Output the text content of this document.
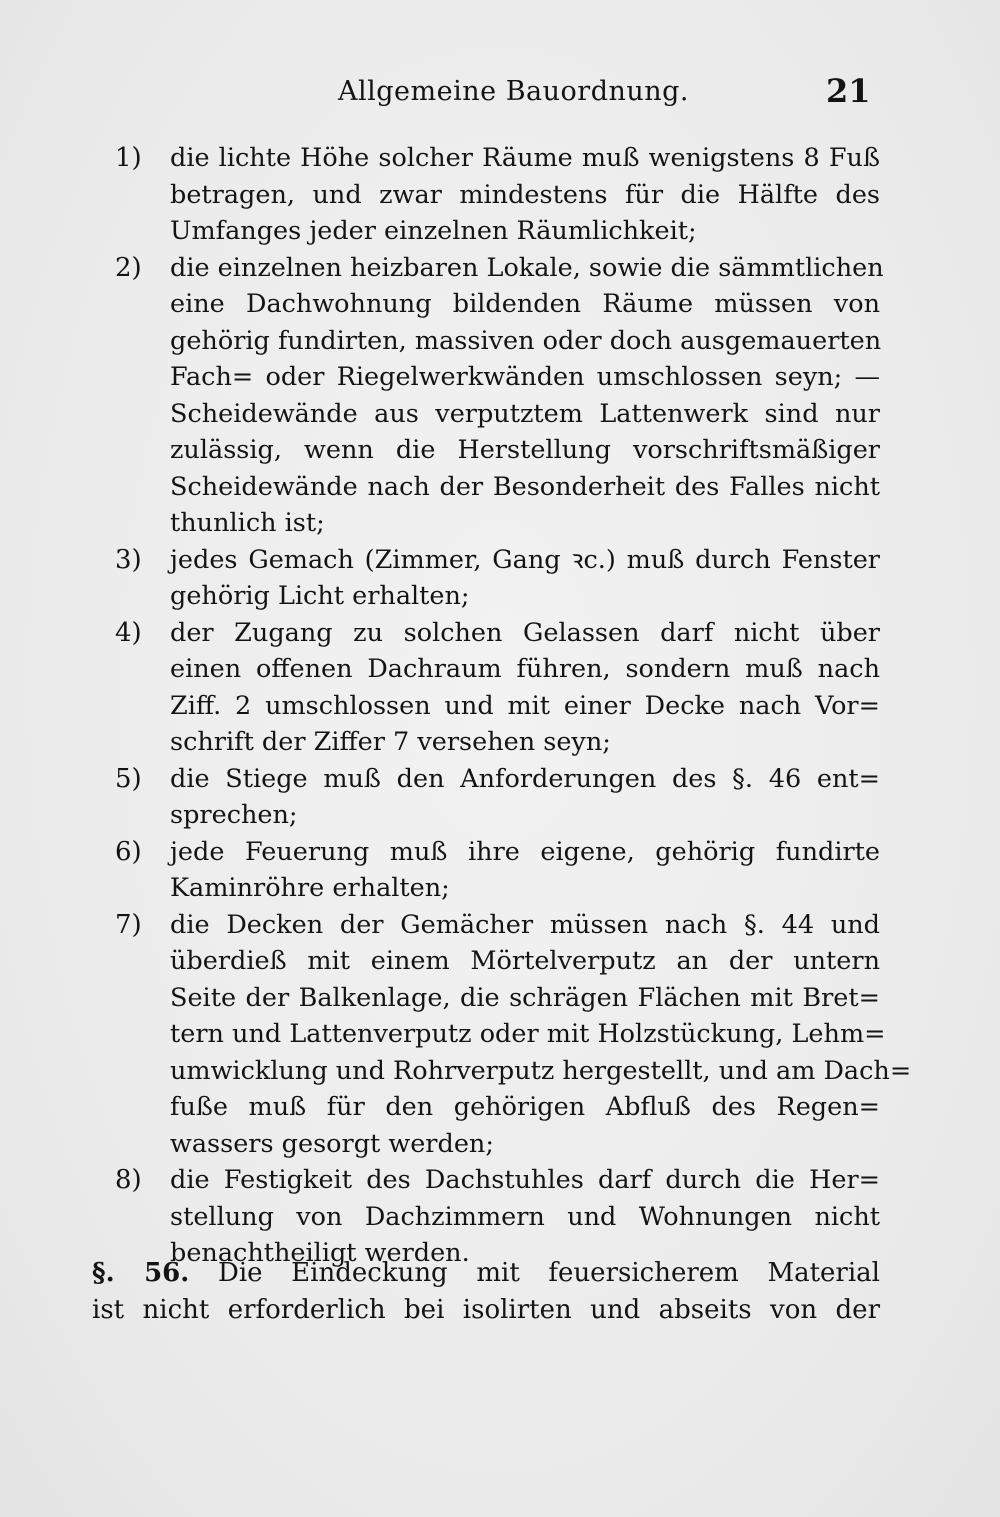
Allgemeine Bauordnung.	21
1)	die lichte Höhe solcher Räume muß wenigstens 8 Fuß
betragen, und zwar mindestens für die Hälfte des
Umfanges jeder einzelnen Räumlichkeit;
2)	die einzelnen heizbaren Lokale, sowie die sämmtlichen
eine Dachwohnung bildenden Räume müssen von
gehörig fundirten, massiven oder doch ausgemauerten
Fach= oder Riegelwerkwänden umschlossen seyn; —
Scheidewände aus verputztem Lattenwerk sind nur
zulässig, wenn die Herstellung vorschriftsmäßiger
Scheidewände nach der Besonderheit des Falles nicht
thunlich ist;
3)	jedes Gemach (Zimmer, Gang ꝛc.) muß durch Fenster
gehörig Licht erhalten;
4)	der Zugang zu solchen Gelassen darf nicht über
einen offenen Dachraum führen, sondern muß nach
Ziff. 2 umschlossen und mit einer Decke nach Vor=
schrift der Ziffer 7 versehen seyn;
5)	die Stiege muß den Anforderungen des §. 46 ent=
sprechen;
6)	jede Feuerung muß ihre eigene, gehörig fundirte
Kaminröhre erhalten;
7)	die Decken der Gemächer müssen nach §. 44 und
überdieß mit einem Mörtelverputz an der untern
Seite der Balkenlage, die schrägen Flächen mit Bret=
tern und Lattenverputz oder mit Holzstückung, Lehm=
umwicklung und Rohrverputz hergestellt, und am Dach=
fuße muß für den gehörigen Abfluß des Regen=
wassers gesorgt werden;
8)	die Festigkeit des Dachstuhles darf durch die Her=
stellung von Dachzimmern und Wohnungen nicht
benachtheiligt werden.
§. 56. Die Eindeckung mit feuersicherem Material
ist nicht erforderlich bei isolirten und abseits von der
